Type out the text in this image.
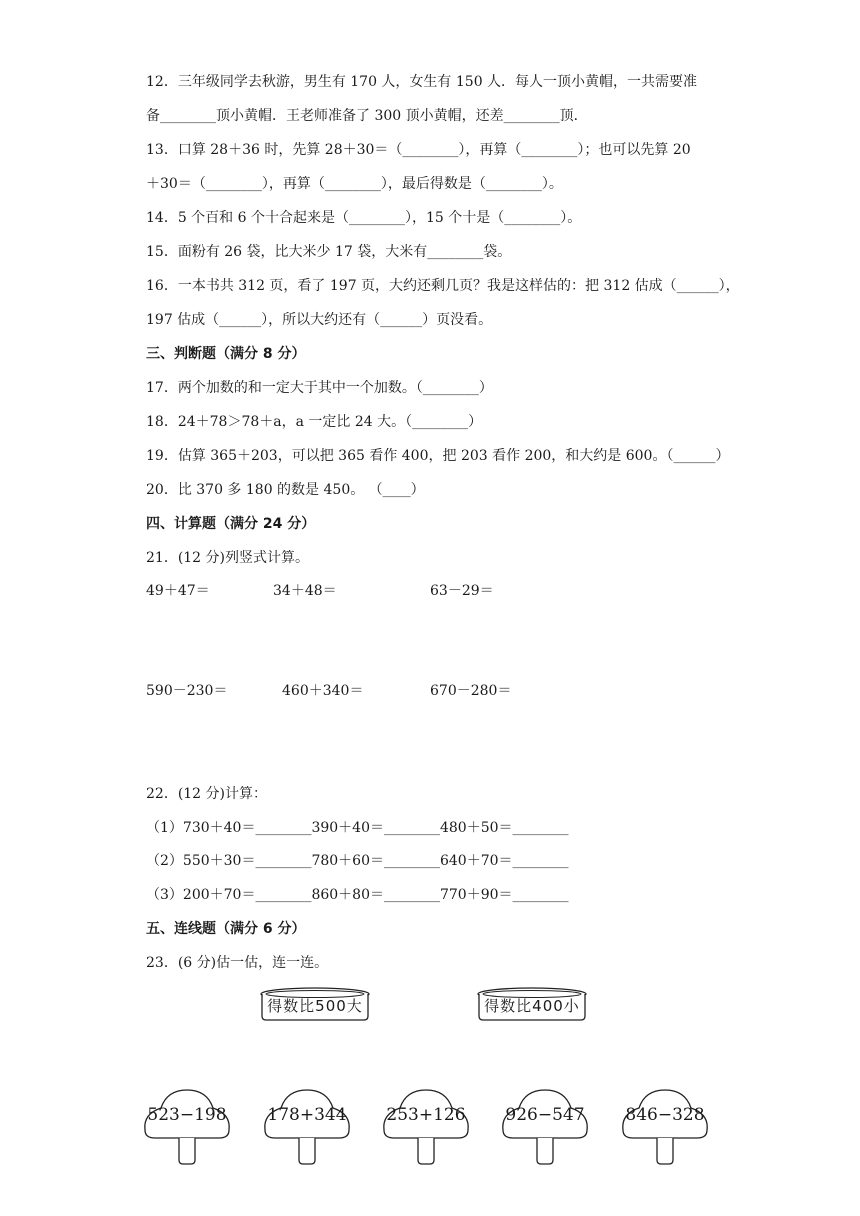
12．三年级同学去秋游，男生有 170 人，女生有 150 人．每人一顶小黄帽，一共需要准
备________顶小黄帽．王老师准备了 300 顶小黄帽，还差________顶．
13．口算 28＋36 时，先算 28＋30＝（________），再算（________）；也可以先算 20
＋30＝（________），再算（________），最后得数是（________）。
14．5 个百和 6 个十合起来是（________），15 个十是（________）。
15．面粉有 26 袋，比大米少 17 袋，大米有________袋。
16．一本书共 312 页，看了 197 页，大约还剩几页？我是这样估的：把 312 估成（______），
197 估成（______），所以大约还有（______）页没看。
三、判断题（满分 8 分）
17．两个加数的和一定大于其中一个加数。（________）
18．24＋78＞78＋a，a 一定比 24 大。（________）
19．估算 365＋203，可以把 365 看作 400，把 203 看作 200，和大约是 600。（______）
20．比 370 多 180 的数是 450。 （____）
四、计算题（满分 24 分）
21．(12 分)列竖式计算。
49＋47＝	34＋48＝	63－29＝
590－230＝	460＋340＝	670－280＝
22．(12 分)计算：
（1）730＋40＝________390＋40＝________480＋50＝________
（2）550＋30＝________780＋60＝________640＋70＝________
（3）200＋70＝________860＋80＝________770＋90＝________
五、连线题（满分 6 分）
23．(6 分)估一估，连一连。
得数比500大	得数比400小
523−198	178+344	253+126	926−547	846−328
